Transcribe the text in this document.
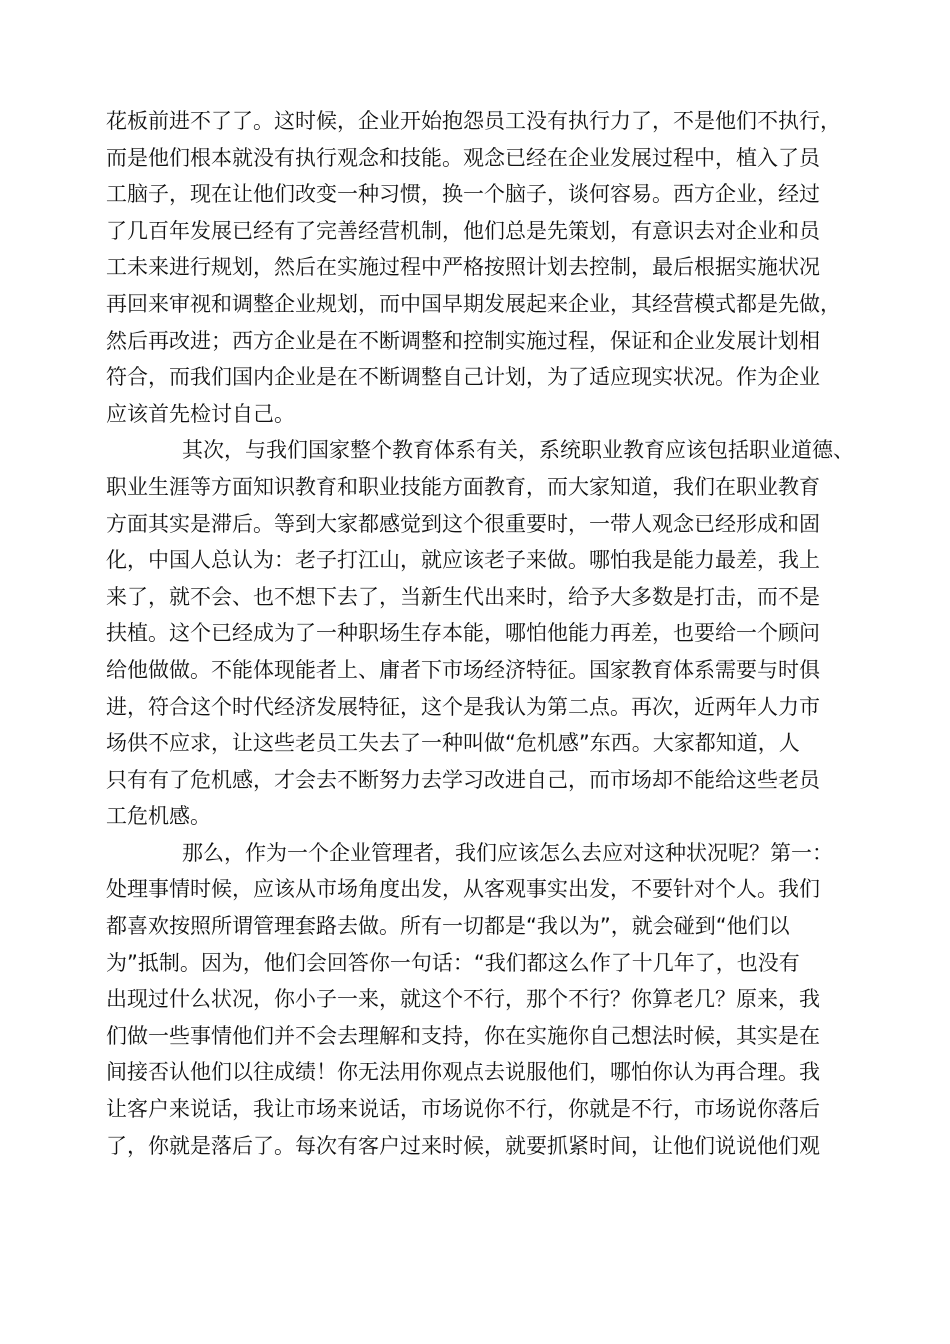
花板前进不了了。这时候，企业开始抱怨员工没有执行力了，不是他们不执行，
而是他们根本就没有执行观念和技能。观念已经在企业发展过程中，植入了员
工脑子，现在让他们改变一种习惯，换一个脑子，谈何容易。西方企业，经过
了几百年发展已经有了完善经营机制，他们总是先策划，有意识去对企业和员
工未来进行规划，然后在实施过程中严格按照计划去控制，最后根据实施状况
再回来审视和调整企业规划，而中国早期发展起来企业，其经营模式都是先做，
然后再改进；西方企业是在不断调整和控制实施过程，保证和企业发展计划相
符合，而我们国内企业是在不断调整自己计划，为了适应现实状况。作为企业
应该首先检讨自己。
其次，与我们国家整个教育体系有关，系统职业教育应该包括职业道德、
职业生涯等方面知识教育和职业技能方面教育，而大家知道，我们在职业教育
方面其实是滞后。等到大家都感觉到这个很重要时，一带人观念已经形成和固
化，中国人总认为：老子打江山，就应该老子来做。哪怕我是能力最差，我上
来了，就不会、也不想下去了，当新生代出来时，给予大多数是打击，而不是
扶植。这个已经成为了一种职场生存本能，哪怕他能力再差，也要给一个顾问
给他做做。不能体现能者上、庸者下市场经济特征。国家教育体系需要与时俱
进，符合这个时代经济发展特征，这个是我认为第二点。再次，近两年人力市
场供不应求，让这些老员工失去了一种叫做“危机感”东西。大家都知道，人
只有有了危机感，才会去不断努力去学习改进自己，而市场却不能给这些老员
工危机感。
那么，作为一个企业管理者，我们应该怎么去应对这种状况呢？第一：
处理事情时候，应该从市场角度出发，从客观事实出发，不要针对个人。我们
都喜欢按照所谓管理套路去做。所有一切都是“我以为”，就会碰到“他们以
为”抵制。因为，他们会回答你一句话：“我们都这么作了十几年了，也没有
出现过什么状况，你小子一来，就这个不行，那个不行？你算老几？原来，我
们做一些事情他们并不会去理解和支持，你在实施你自己想法时候，其实是在
间接否认他们以往成绩！你无法用你观点去说服他们，哪怕你认为再合理。我
让客户来说话，我让市场来说话，市场说你不行，你就是不行，市场说你落后
了，你就是落后了。每次有客户过来时候，就要抓紧时间，让他们说说他们观
